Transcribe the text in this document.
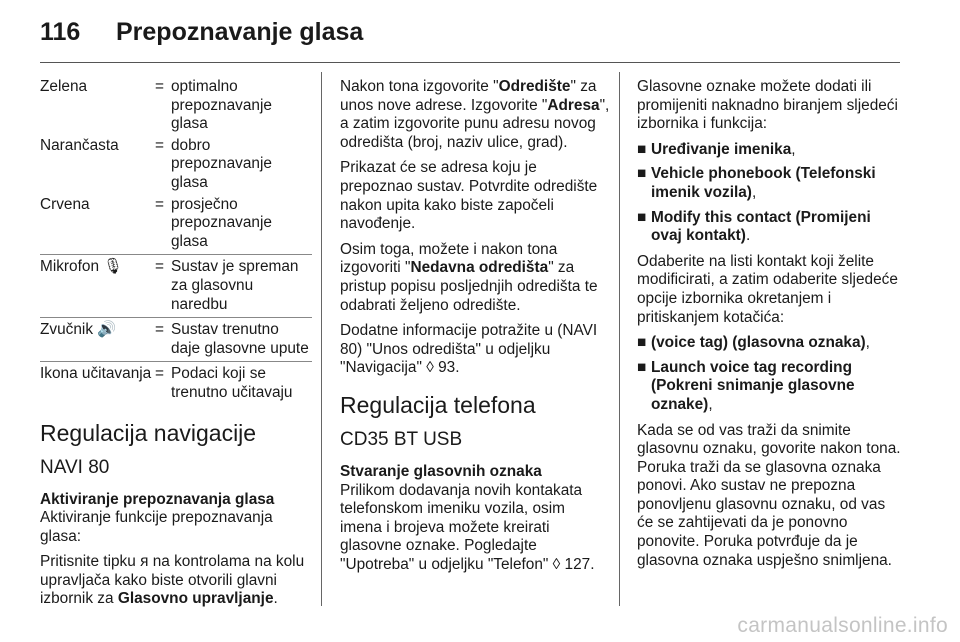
116 Prepoznavanje glasa
Zelena	=	optimalno prepoznavanje glasa
Narančasta	=	dobro prepoznavanje glasa
Crvena	=	prosječno prepoznavanje glasa
Mikrofon 🎙	=	Sustav je spreman za glasovnu naredbu
Zvučnik 🔊	=	Sustav trenutno daje glasovne upute
Ikona učitavanja	=	Podaci koji se trenutno učitavaju
Regulacija navigacije
NAVI 80

Aktiviranje prepoznavanja glasa

Aktiviranje funkcije prepoznavanja glasa:

Pritisnite tipku ᴙ na kontrolama na kolu upravljača kako biste otvorili glavni izbornik za Glasovno upravljanje.

Nakon tona izgovorite "Odredište" za unos nove adrese. Izgovorite "Adresa", a zatim izgovorite punu adresu novog odredišta (broj, naziv ulice, grad).

Prikazat će se adresa koju je prepoznao sustav. Potvrdite odredište nakon upita kako biste započeli navođenje.

Osim toga, možete i nakon tona izgovoriti "Nedavna odredišta" za pristup popisu posljednjih odredišta te odabrati željeno odredište.

Dodatne informacije potražite u (NAVI 80) "Unos odredišta" u odjeljku "Navigacija" ◊ 93.

Regulacija telefona
CD35 BT USB

Stvaranje glasovnih oznaka

Prilikom dodavanja novih kontakata telefonskom imeniku vozila, osim imena i brojeva možete kreirati glasovne oznake. Pogledajte "Upotreba" u odjeljku "Telefon" ◊ 127.

Glasovne oznake možete dodati ili promijeniti naknadno biranjem sljedeći izbornika i funkcija:

■ Uređivanje imenika,
■ Vehicle phonebook (Telefonski imenik vozila),
■ Modify this contact (Promijeni ovaj kontakt).

Odaberite na listi kontakt koji želite modificirati, a zatim odaberite sljedeće opcije izbornika okretanjem i pritiskanjem kotačića:

■ (voice tag) (glasovna oznaka),
■ Launch voice tag recording (Pokreni snimanje glasovne oznake),

Kada se od vas traži da snimite glasovnu oznaku, govorite nakon tona. Poruka traži da se glasovna oznaka ponovi. Ako sustav ne prepozna ponovljenu glasovnu oznaku, od vas će se zahtijevati da je ponovno ponovite. Poruka potvrđuje da je glasovna oznaka uspješno snimljena.

carmanualsonline.info
